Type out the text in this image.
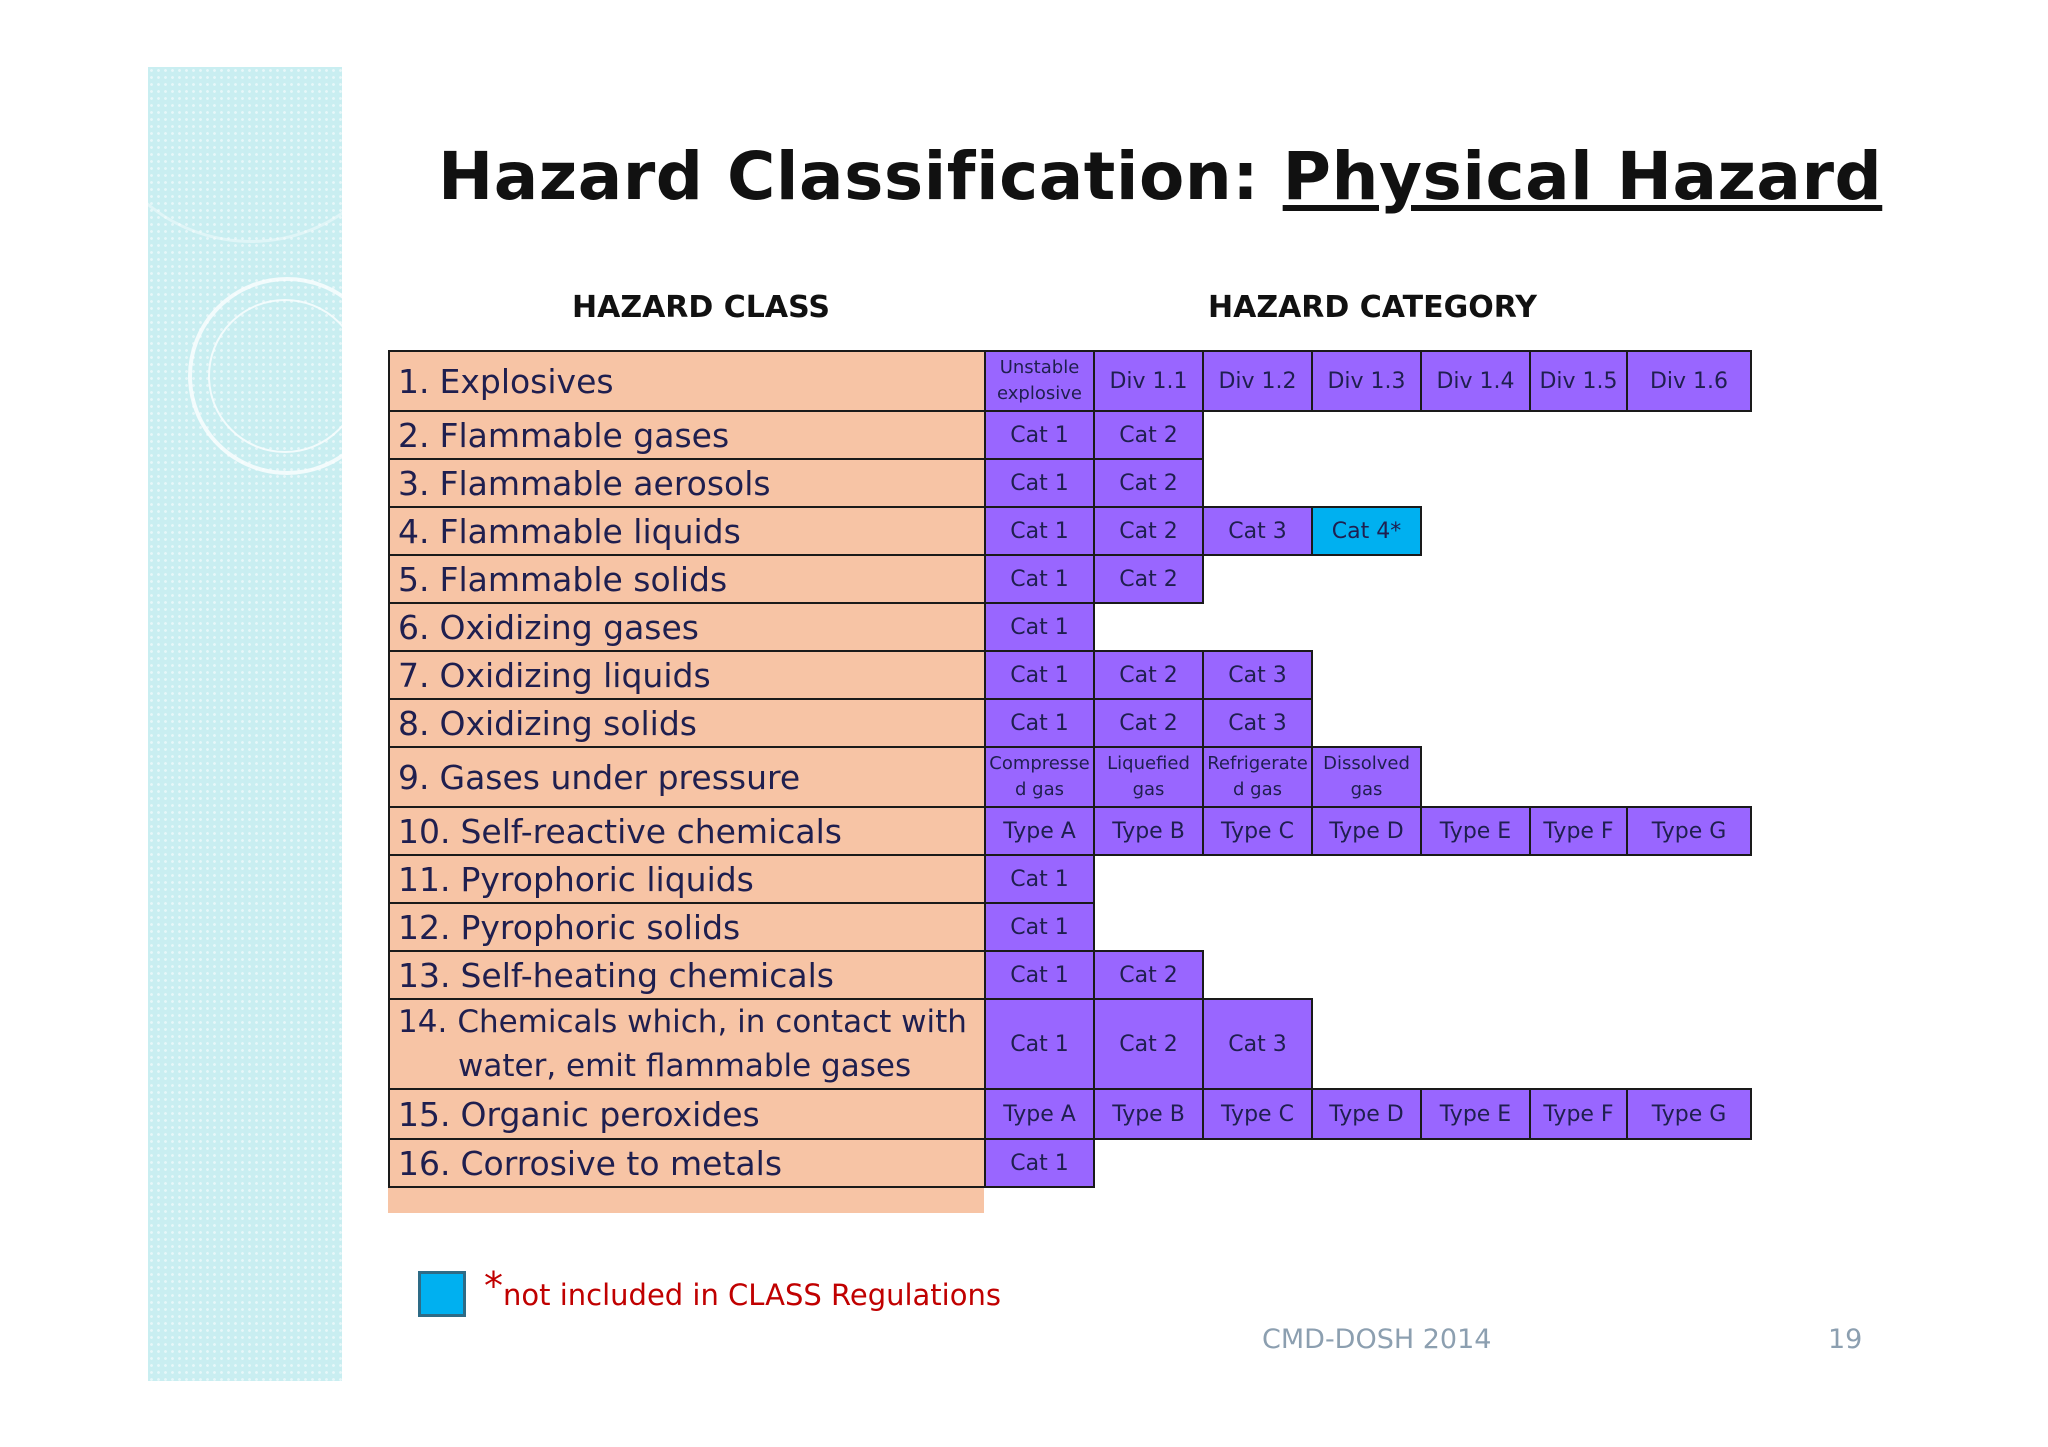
Hazard Classification: Physical Hazard
HAZARD CLASS	HAZARD CATEGORY
1. Explosives	Unstable explosive	Div 1.1	Div 1.2	Div 1.3	Div 1.4	Div 1.5	Div 1.6
2. Flammable gases	Cat 1	Cat 2					
3. Flammable aerosols	Cat 1	Cat 2					
4. Flammable liquids	Cat 1	Cat 2	Cat 3	Cat 4*			
5. Flammable solids	Cat 1	Cat 2					
6. Oxidizing gases	Cat 1						
7. Oxidizing liquids	Cat 1	Cat 2	Cat 3				
8. Oxidizing solids	Cat 1	Cat 2	Cat 3				
9. Gases under pressure	Compresse d gas	Liquefied gas	Refrigerate d gas	Dissolved gas			
10. Self-reactive chemicals	Type A	Type B	Type C	Type D	Type E	Type F	Type G
11. Pyrophoric liquids	Cat 1						
12. Pyrophoric solids	Cat 1						
13. Self-heating chemicals	Cat 1	Cat 2					
14. Chemicals which, in contact with
water, emit flammable gases	Cat 1	Cat 2	Cat 3				
15. Organic peroxides	Type A	Type B	Type C	Type D	Type E	Type F	Type G
16. Corrosive to metals	Cat 1						
*not included in CLASS Regulations
CMD-DOSH 2014	19
